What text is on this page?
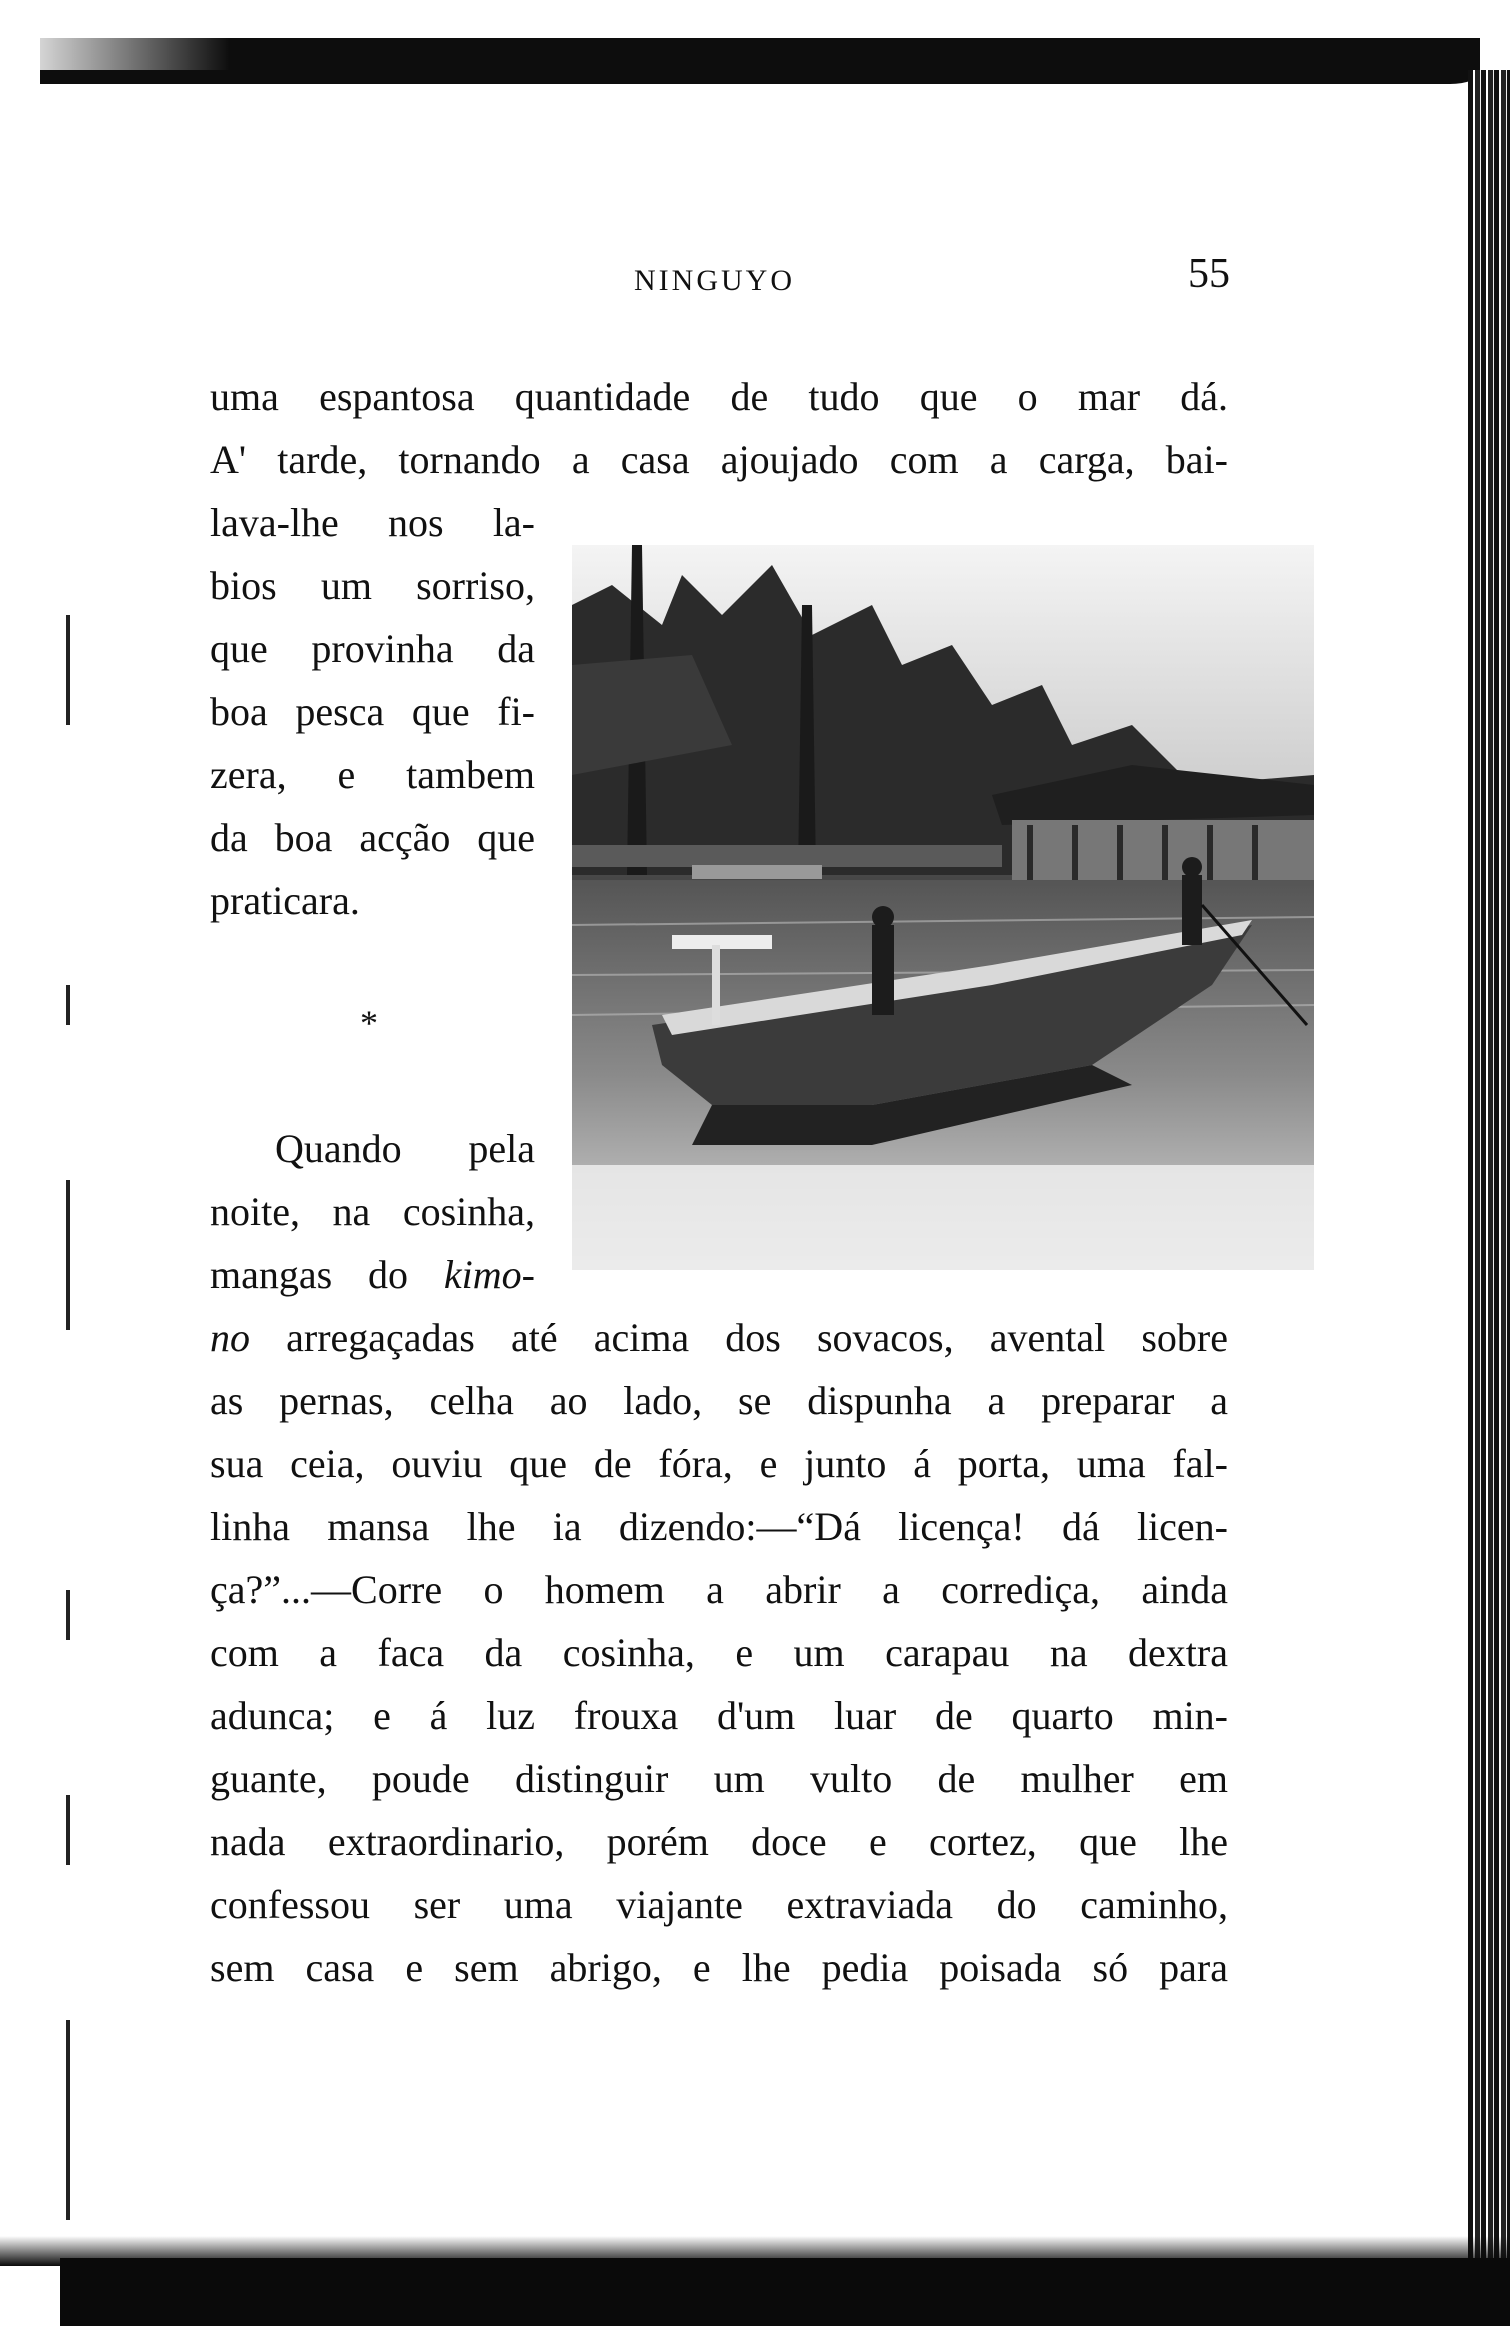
NINGUYO	55
uma espantosa quantidade de tudo que o mar dá.
A' tarde, tornando a casa ajoujado com a carga, bai-
lava-lhe nos la-
bios um sorriso,
que provinha da
boa pesca que fi-
zera, e tambem
da boa acção que
praticara.
*
Quando pela
noite, na cosinha,
mangas do kimo-
no arregaçadas até acima dos sovacos, avental sobre
as pernas, celha ao lado, se dispunha a preparar a
sua ceia, ouviu que de fóra, e junto á porta, uma fal-
linha mansa lhe ia dizendo:—“Dá licença! dá licen-
ça?”...—Corre o homem a abrir a corrediça, ainda
com a faca da cosinha, e um carapau na dextra
adunca; e á luz frouxa d'um luar de quarto min-
guante, poude distinguir um vulto de mulher em
nada extraordinario, porém doce e cortez, que lhe
confessou ser uma viajante extraviada do caminho,
sem casa e sem abrigo, e lhe pedia poisada só para
